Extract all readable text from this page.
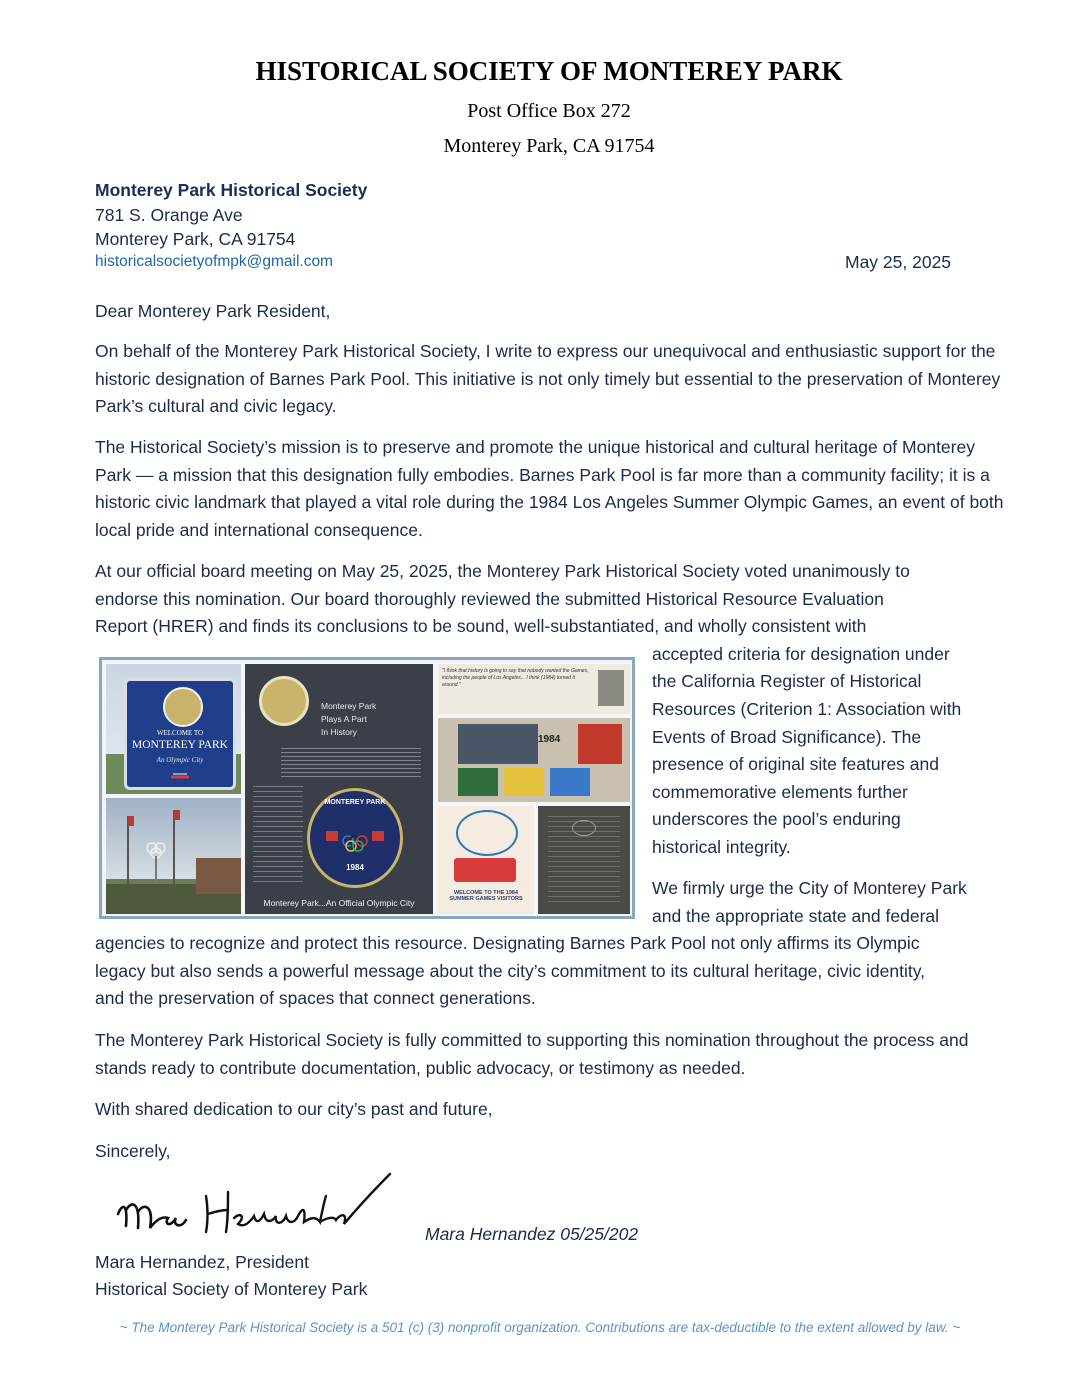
HISTORICAL SOCIETY OF MONTEREY PARK
Post Office Box 272
Monterey Park, CA 91754
Monterey Park Historical Society
781 S. Orange Ave
Monterey Park, CA 91754
historicalsocietyofmpk@gmail.com	May 25, 2025
Dear Monterey Park Resident,
On behalf of the Monterey Park Historical Society, I write to express our unequivocal and enthusiastic support for the historic designation of Barnes Park Pool. This initiative is not only timely but essential to the preservation of Monterey Park’s cultural and civic legacy.
The Historical Society’s mission is to preserve and promote the unique historical and cultural heritage of Monterey Park — a mission that this designation fully embodies. Barnes Park Pool is far more than a community facility; it is a historic civic landmark that played a vital role during the 1984 Los Angeles Summer Olympic Games, an event of both local pride and international consequence.
At our official board meeting on May 25, 2025, the Monterey Park Historical Society voted unanimously to
endorse this nomination. Our board thoroughly reviewed the submitted Historical Resource Evaluation
Report (HRER) and finds its conclusions to be sound, well-substantiated, and wholly consistent with
accepted criteria for designation under
the California Register of Historical
Resources (Criterion 1: Association with
Events of Broad Significance). The
presence of original site features and
commemorative elements further
underscores the pool’s enduring
historical integrity.
We firmly urge the City of Monterey Park
and the appropriate state and federal
agencies to recognize and protect this resource. Designating Barnes Park Pool not only affirms its Olympic
legacy but also sends a powerful message about the city’s commitment to its cultural heritage, civic identity,
and the preservation of spaces that connect generations.
WELCOME TO
MONTEREY PARK
An Olympic City
Monterey Park
Plays A Part
In History
MONTEREY PARK
1984
Monterey Park...An Official Olympic City
“I think that history is going to say that nobody wanted the Games, including the people of Los Angeles... I think (1984) turned it around.”
1984
WELCOME TO THE 1984 SUMMER GAMES VISITORS
The Monterey Park Historical Society is fully committed to supporting this nomination throughout the process and stands ready to contribute documentation, public advocacy, or testimony as needed.
With shared dedication to our city’s past and future,
Sincerely,
Mara Hernandez 05/25/202
Mara Hernandez, President
Historical Society of Monterey Park
~ The Monterey Park Historical Society is a 501 (c) (3) nonprofit organization. Contributions are tax-deductible to the extent allowed by law. ~
